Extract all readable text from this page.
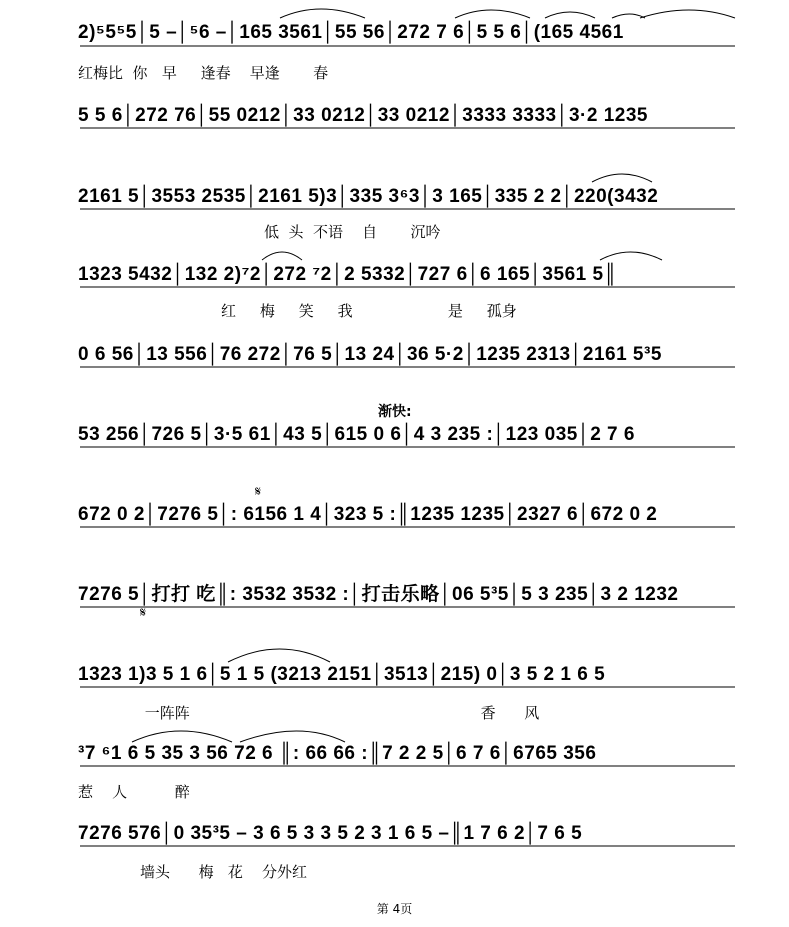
2)⁵5⁵5│5 –│⁵6 –│165 3561│55 56│272 7 6│5 5 6│(165 4561
红梅比  你   早     逢春    早逢       春
5 5 6│272 76│55 0212│33 0212│33 0212│3333 3333│3·2 1235
2161 5│3553 2535│2161 5)3│335 3⁶3│3 165│335 2 2│220(3432
低  头  不语    自       沉吟
1323 5432│132 2)⁷2│272 ⁷2│2 5332│727 6│6 165│3561 5║
红     梅     笑     我                    是     孤身
0 6 56│13 556│76 272│76 5│13 24│36 5·2│1235 2313│2161 5³5
渐快:
53 256│726 5│3·5 61│43 5│615 0 6│4 3 235 :│123 035│2 7 6
672 0 2│7276 5│: 6156 1 4│323 5 :║1235 1235│2327 6│672 0 2
𝄋
7276 5│打打 吃║: 3532 3532 :│打击乐略│06 5³5│5 3 235│3 2 1232
𝄋
1323 1)3 5 1 6│5 1 5 (3213 2151│3513│215) 0│3 5 2 1 6 5
一阵阵                                                             香      风
³7 ⁶1 6 5 35 3 56 72 6 ║: 66 66 :║7 2 2 5│6 7 6│6765 356
惹    人          醉
7276 576│0 35³5 – 3 6 5 3 3 5 2 3 1 6 5 –║1 7 6 2│7 6 5
墙头      梅   花    分外红
第 4页
